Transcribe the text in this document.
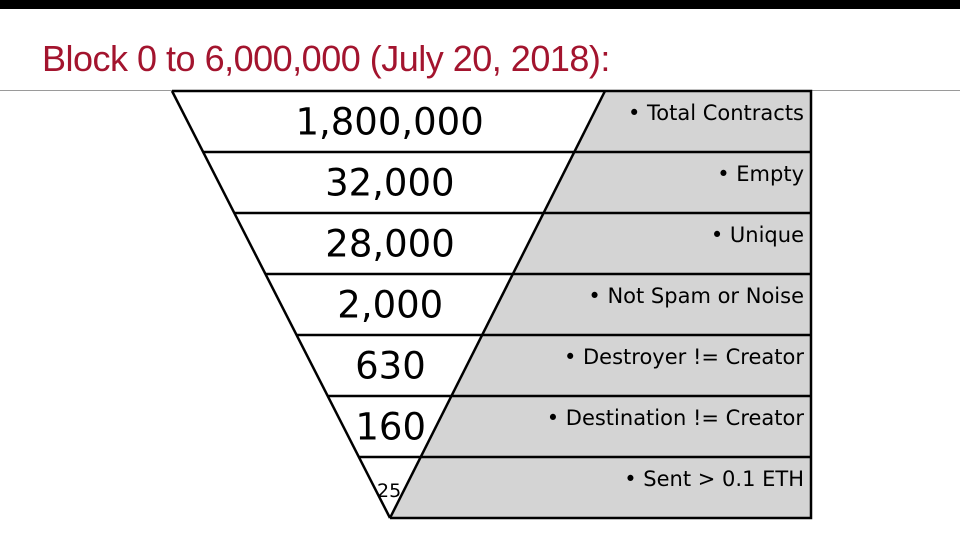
Block 0 to 6,000,000 (July 20, 2018):
1,800,000
32,000
28,000
2,000
630
160
• Total Contracts
• Empty
• Unique
• Not Spam or Noise
• Destroyer != Creator
• Destination != Creator
• Sent > 0.1 ETH
25
